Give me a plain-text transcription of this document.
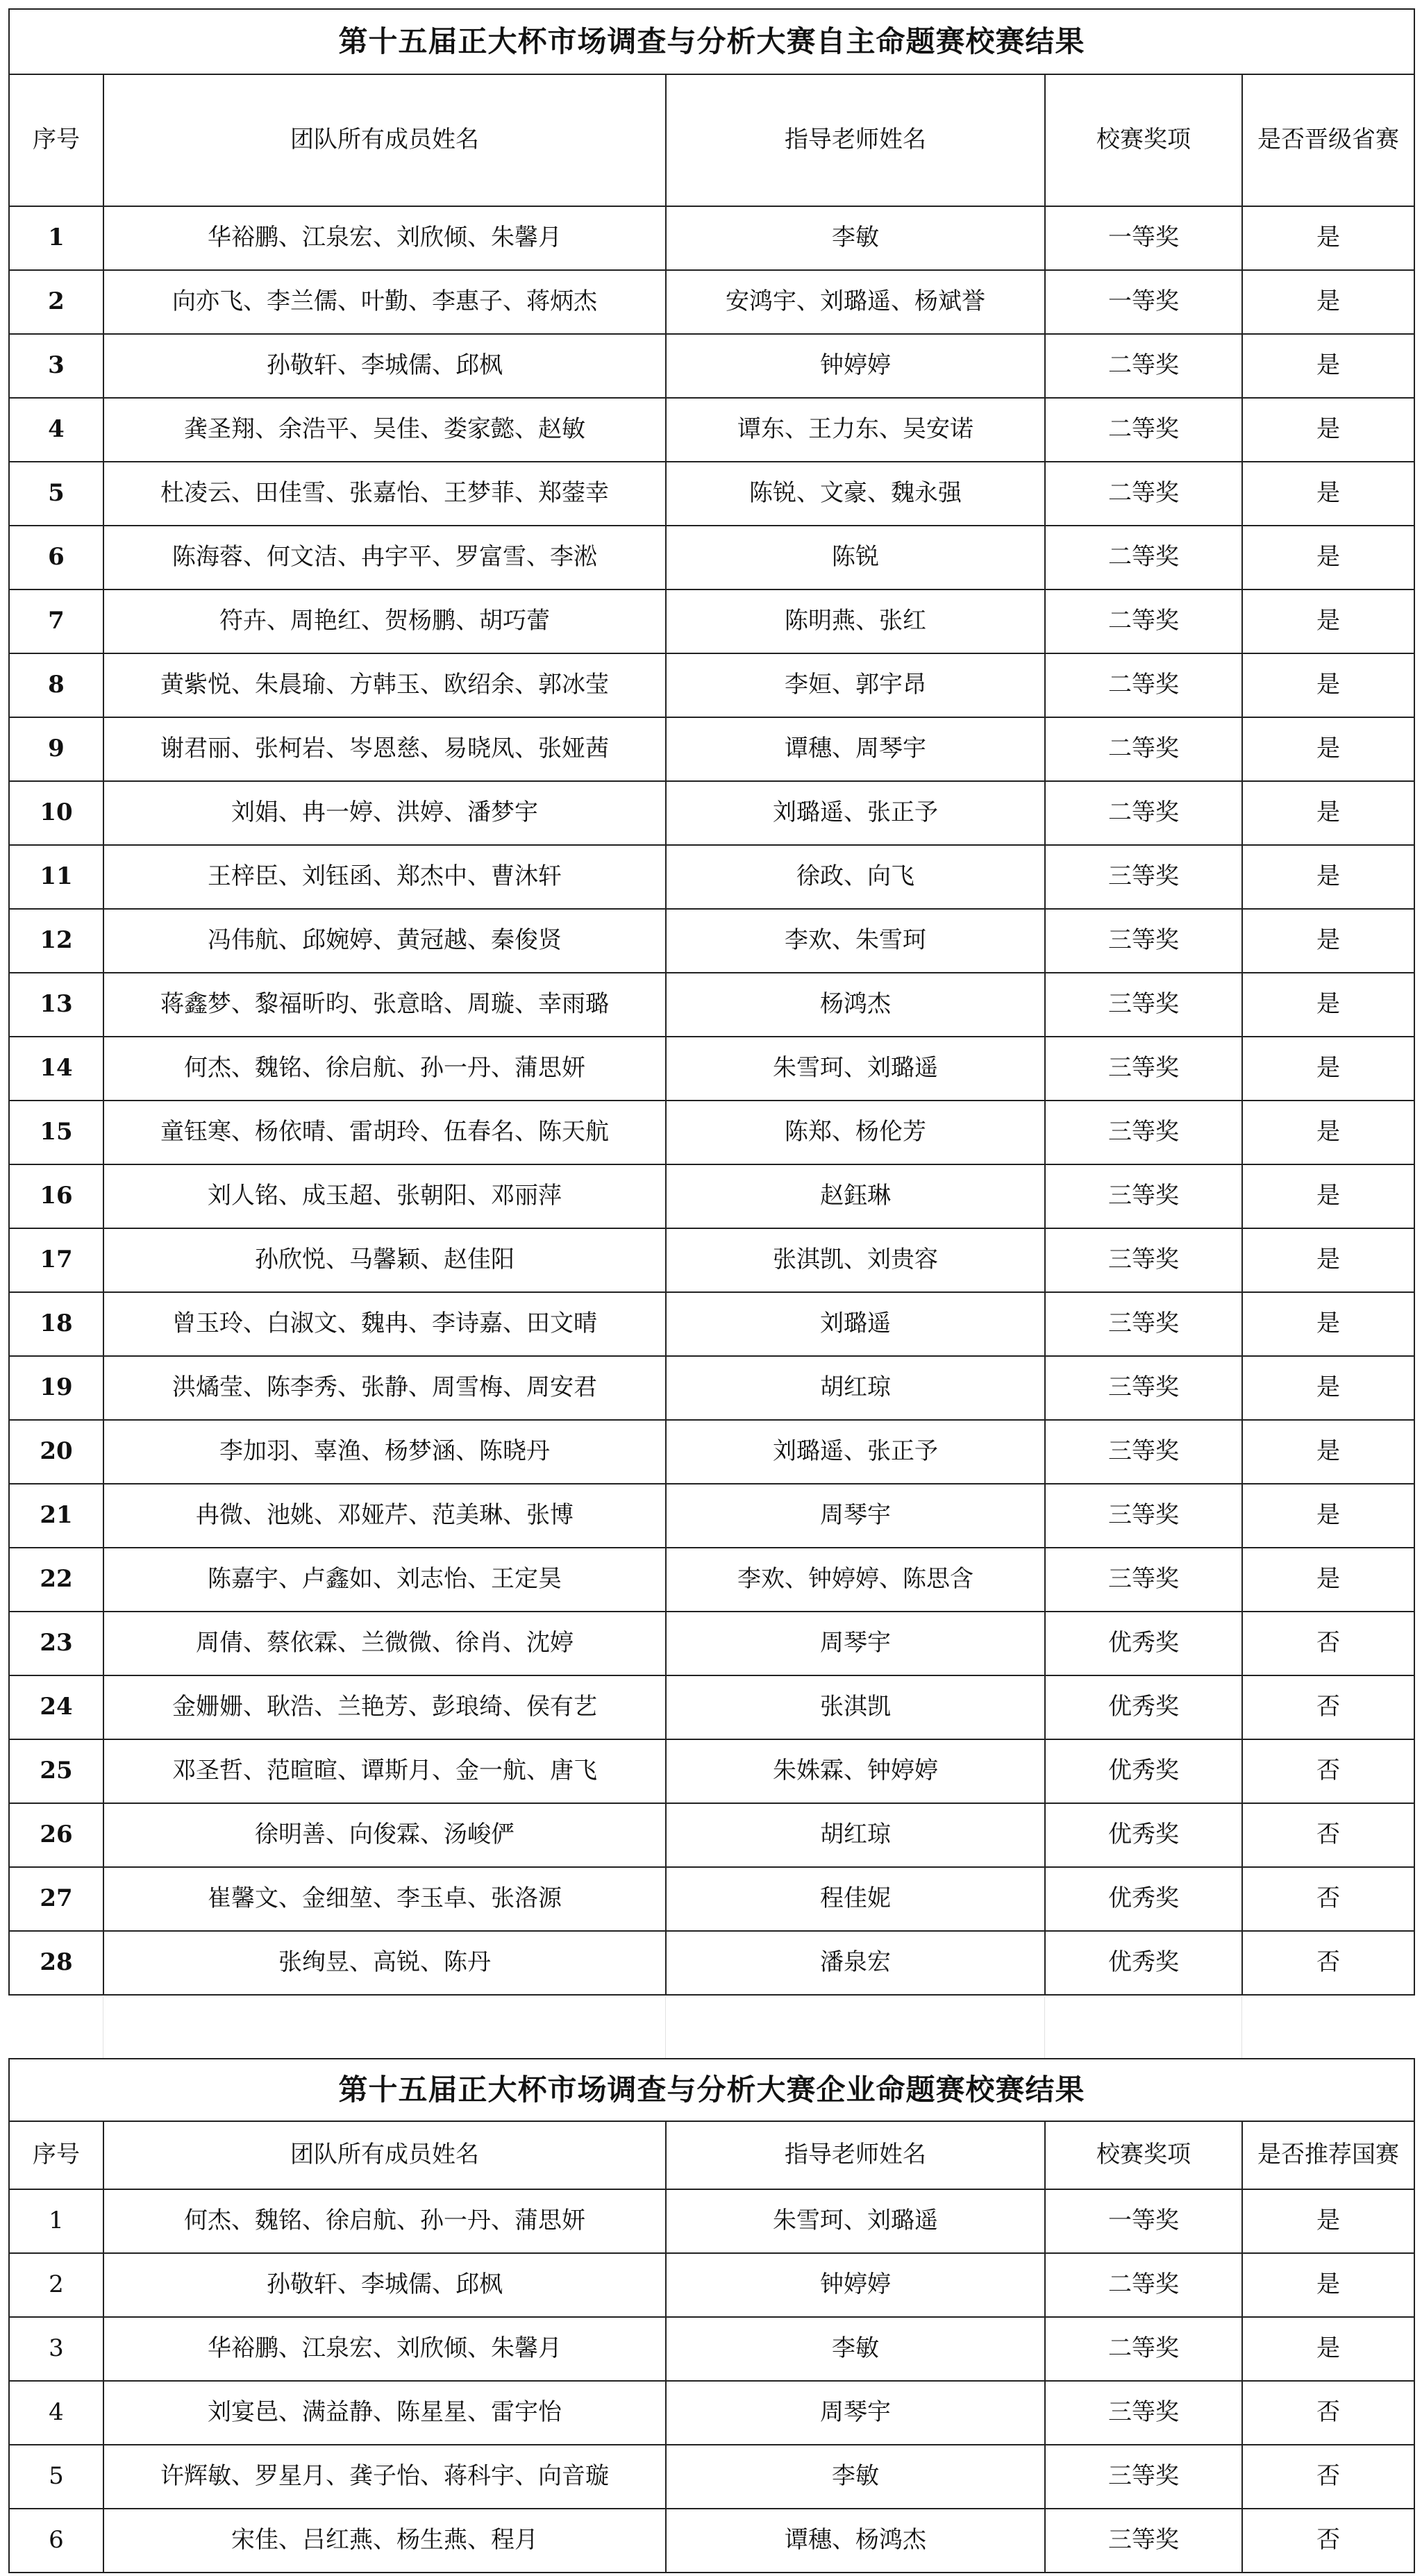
第十五届正大杯市场调查与分析大赛自主命题赛校赛结果				
序号	团队所有成员姓名	指导老师姓名	校赛奖项	是否晋级省赛
1	华裕鹏、江泉宏、刘欣倾、朱馨月	李敏	一等奖	是
2	向亦飞、李兰儒、叶勤、李惠子、蒋炳杰	安鸿宇、刘璐遥、杨斌誉	一等奖	是
3	孙敬轩、李城儒、邱枫	钟婷婷	二等奖	是
4	龚圣翔、余浩平、吴佳、娄家懿、赵敏	谭东、王力东、吴安诺	二等奖	是
5	杜凌云、田佳雪、张嘉怡、王梦菲、郑蓥幸	陈锐、文豪、魏永强	二等奖	是
6	陈海蓉、何文洁、冉宇平、罗富雪、李淞	陈锐	二等奖	是
7	符卉、周艳红、贺杨鹏、胡巧蕾	陈明燕、张红	二等奖	是
8	黄紫悦、朱晨瑜、方韩玉、欧绍余、郭冰莹	李姮、郭宇昂	二等奖	是
9	谢君丽、张柯岩、岑恩慈、易晓凤、张娅茜	谭穗、周琴宇	二等奖	是
10	刘娟、冉一婷、洪婷、潘梦宇	刘璐遥、张正予	二等奖	是
11	王梓臣、刘钰函、郑杰中、曹沐轩	徐政、向飞	三等奖	是
12	冯伟航、邱婉婷、黄冠越、秦俊贤	李欢、朱雪珂	三等奖	是
13	蒋鑫梦、黎福昕昀、张意晗、周璇、幸雨璐	杨鸿杰	三等奖	是
14	何杰、魏铭、徐启航、孙一丹、蒲思妍	朱雪珂、刘璐遥	三等奖	是
15	童钰寒、杨依晴、雷胡玲、伍春名、陈天航	陈郑、杨伦芳	三等奖	是
16	刘人铭、成玉超、张朝阳、邓丽萍	赵鈺琳	三等奖	是
17	孙欣悦、马馨颖、赵佳阳	张淇凯、刘贵容	三等奖	是
18	曾玉玲、白淑文、魏冉、李诗嘉、田文晴	刘璐遥	三等奖	是
19	洪燏莹、陈李秀、张静、周雪梅、周安君	胡红琼	三等奖	是
20	李加羽、辜渔、杨梦涵、陈晓丹	刘璐遥、张正予	三等奖	是
21	冉微、池姚、邓娅芹、范美琳、张博	周琴宇	三等奖	是
22	陈嘉宇、卢鑫如、刘志怡、王定昊	李欢、钟婷婷、陈思含	三等奖	是
23	周倩、蔡依霖、兰微微、徐肖、沈婷	周琴宇	优秀奖	否
24	金姗姗、耿浩、兰艳芳、彭琅绮、侯有艺	张淇凯	优秀奖	否
25	邓圣哲、范暄暄、谭斯月、金一航、唐飞	朱姝霖、钟婷婷	优秀奖	否
26	徐明善、向俊霖、汤峻俨	胡红琼	优秀奖	否
27	崔馨文、金细堃、李玉卓、张洛源	程佳妮	优秀奖	否
28	张绚昱、高锐、陈丹	潘泉宏	优秀奖	否
第十五届正大杯市场调查与分析大赛企业命题赛校赛结果				
序号	团队所有成员姓名	指导老师姓名	校赛奖项	是否推荐国赛
1	何杰、魏铭、徐启航、孙一丹、蒲思妍	朱雪珂、刘璐遥	一等奖	是
2	孙敬轩、李城儒、邱枫	钟婷婷	二等奖	是
3	华裕鹏、江泉宏、刘欣倾、朱馨月	李敏	二等奖	是
4	刘宴邑、满益静、陈星星、雷宇怡	周琴宇	三等奖	否
5	许辉敏、罗星月、龚子怡、蒋科宇、向音璇	李敏	三等奖	否
6	宋佳、吕红燕、杨生燕、程月	谭穗、杨鸿杰	三等奖	否
